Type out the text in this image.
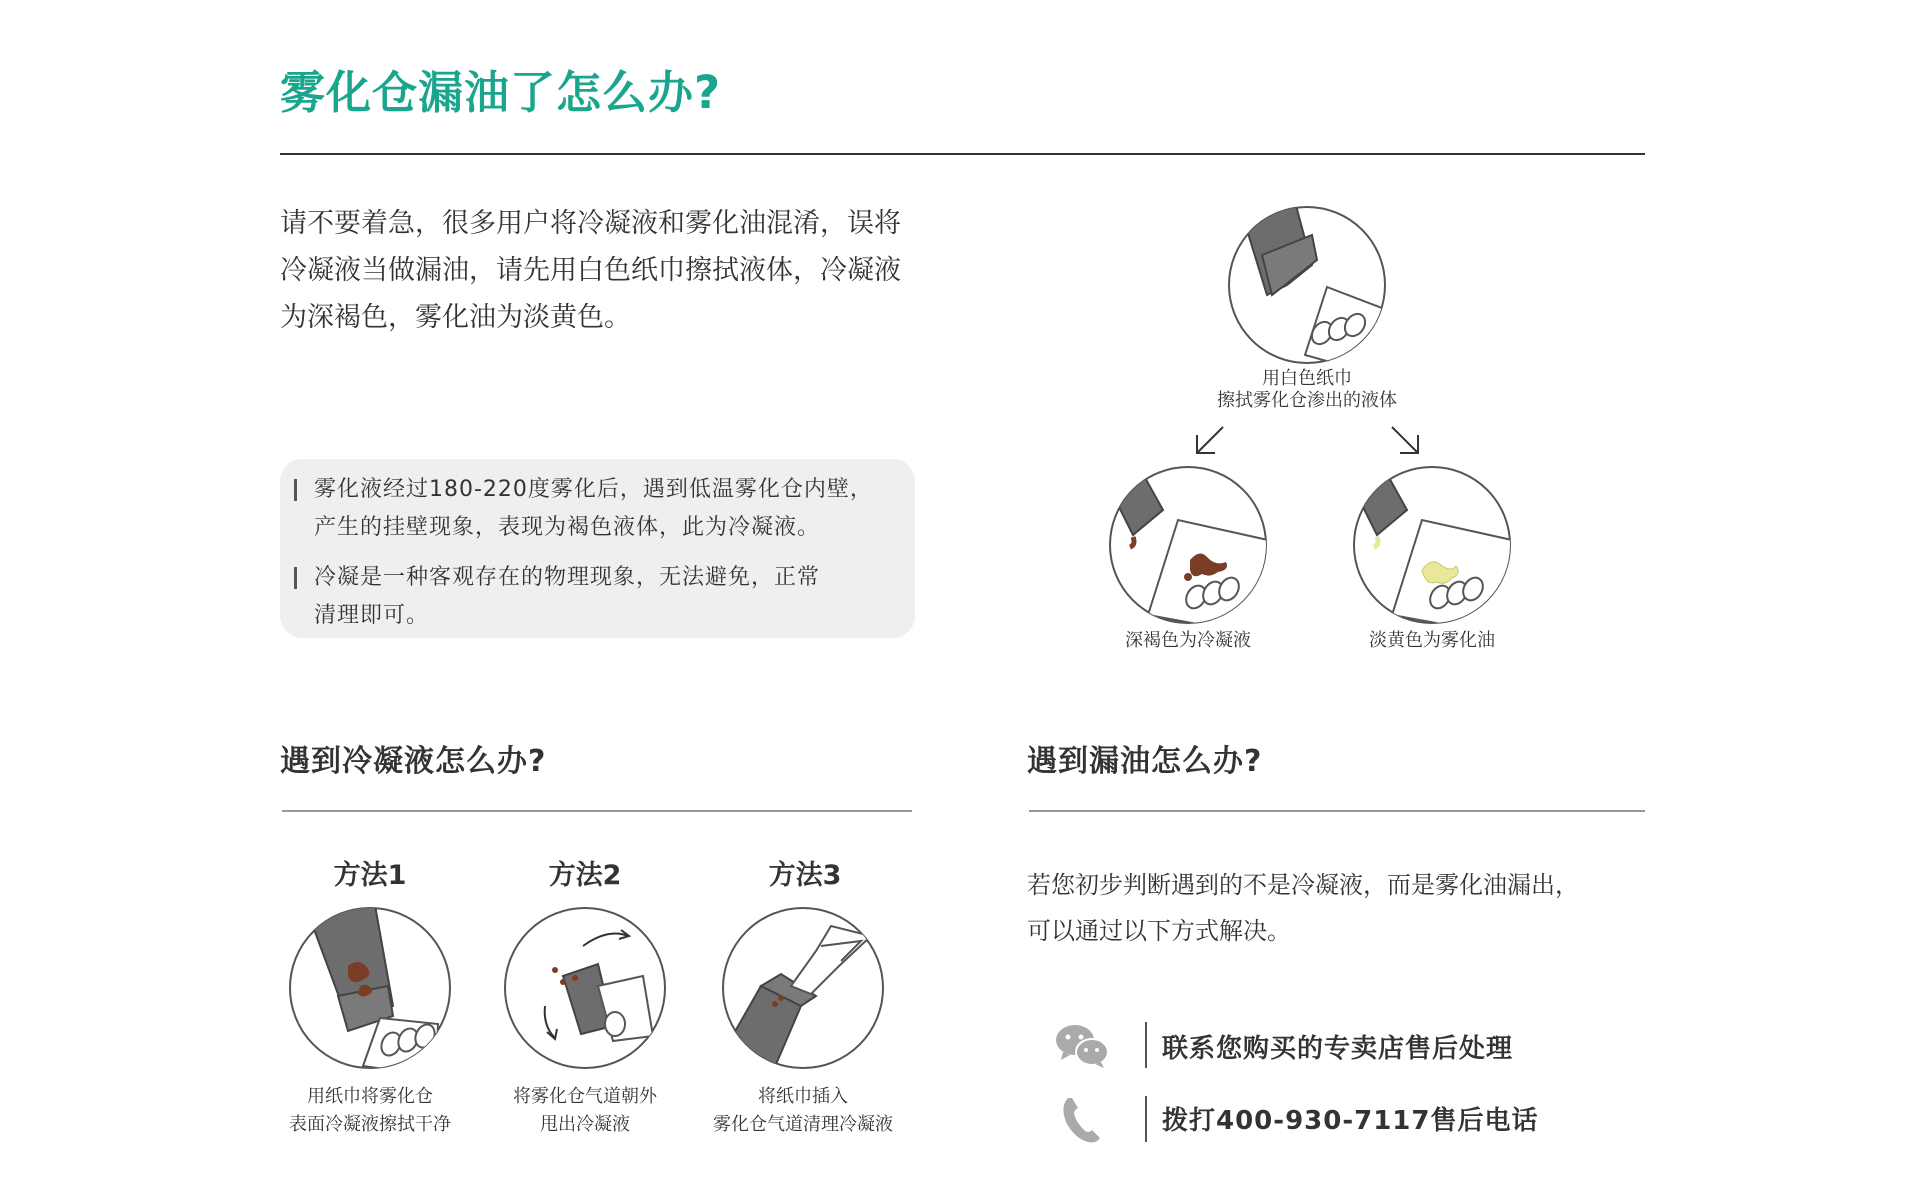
雾化仓漏油了怎么办?
请不要着急，很多用户将冷凝液和雾化油混淆，误将
冷凝液当做漏油，请先用白色纸巾擦拭液体，冷凝液
为深褐色，雾化油为淡黄色。
雾化液经过180-220度雾化后，遇到低温雾化仓内壁，
产生的挂壁现象，表现为褐色液体，此为冷凝液。
冷凝是一种客观存在的物理现象，无法避免，正常
清理即可。
用白色纸巾
擦拭雾化仓渗出的液体
深褐色为冷凝液	淡黄色为雾化油
遇到冷凝液怎么办?
方法1
用纸巾将雾化仓
表面冷凝液擦拭干净
方法2
将雾化仓气道朝外
甩出冷凝液
方法3
将纸巾插入
雾化仓气道清理冷凝液
遇到漏油怎么办?
若您初步判断遇到的不是冷凝液，而是雾化油漏出，
可以通过以下方式解决。
联系您购买的专卖店售后处理
拨打400-930-7117售后电话
